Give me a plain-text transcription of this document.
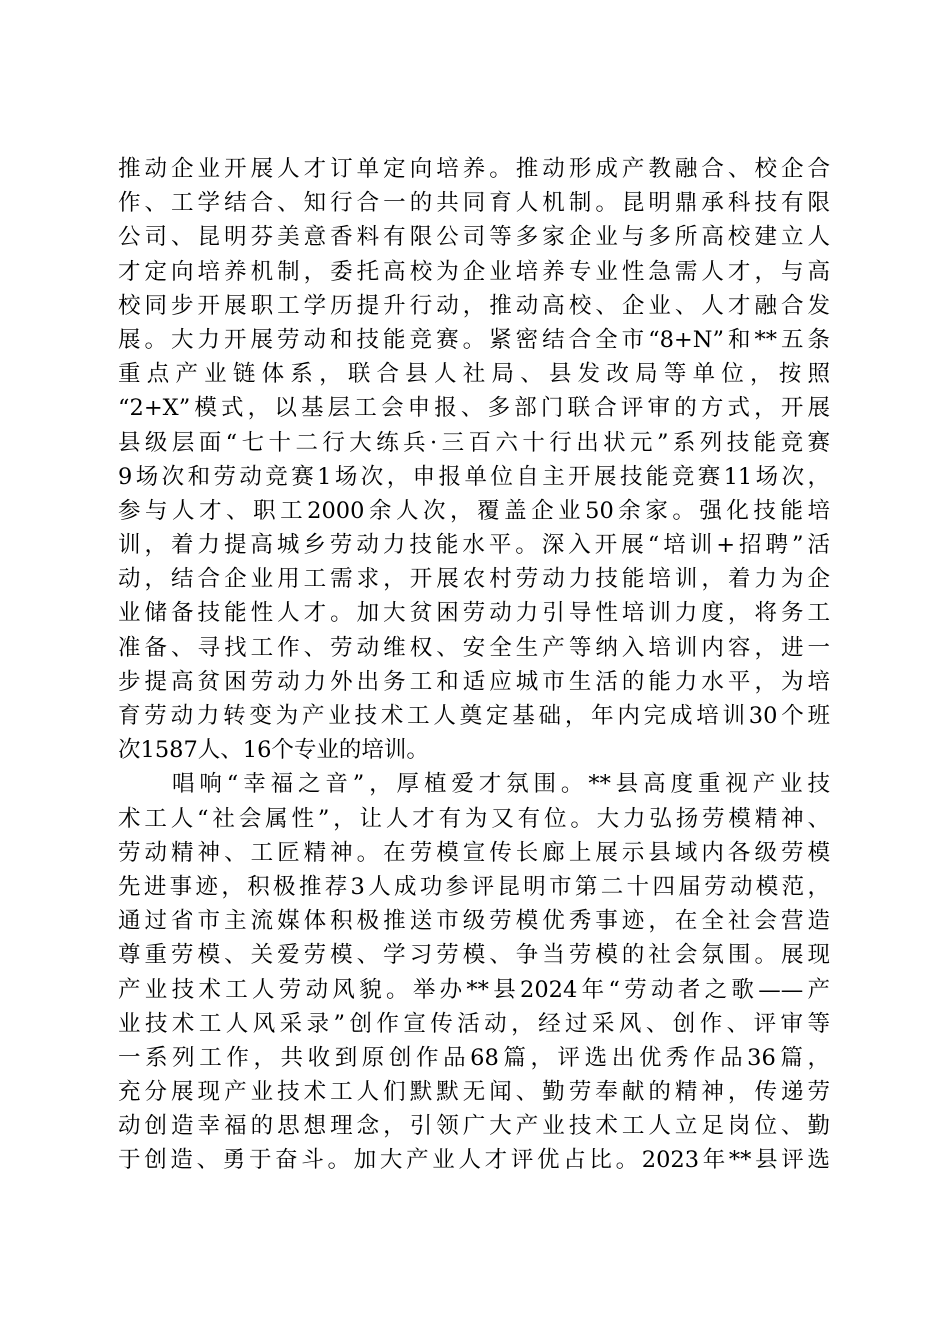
推动企业开展人才订单定向培养。推动形成产教融合、校企合
作、工学结合、知行合一的共同育人机制。昆明鼎承科技有限
公司、昆明芬美意香料有限公司等多家企业与多所高校建立人
才定向培养机制，委托高校为企业培养专业性急需人才，与高
校同步开展职工学历提升行动，推动高校、企业、人才融合发
展。大力开展劳动和技能竞赛。紧密结合全市“8+N”和**五条
重点产业链体系，联合县人社局、县发改局等单位，按照
“2+X”模式，以基层工会申报、多部门联合评审的方式，开展
县级层面“七十二行大练兵·三百六十行出状元”系列技能竞赛
9场次和劳动竞赛1场次，申报单位自主开展技能竞赛11场次，
参与人才、职工2000余人次，覆盖企业50余家。强化技能培
训，着力提高城乡劳动力技能水平。深入开展“培训+招聘”活
动，结合企业用工需求，开展农村劳动力技能培训，着力为企
业储备技能性人才。加大贫困劳动力引导性培训力度，将务工
准备、寻找工作、劳动维权、安全生产等纳入培训内容，进一
步提高贫困劳动力外出务工和适应城市生活的能力水平，为培
育劳动力转变为产业技术工人奠定基础，年内完成培训30个班
次1587人、16个专业的培训。
唱响“幸福之音”，厚植爱才氛围。**县高度重视产业技
术工人“社会属性”，让人才有为又有位。大力弘扬劳模精神、
劳动精神、工匠精神。在劳模宣传长廊上展示县域内各级劳模
先进事迹，积极推荐3人成功参评昆明市第二十四届劳动模范，
通过省市主流媒体积极推送市级劳模优秀事迹，在全社会营造
尊重劳模、关爱劳模、学习劳模、争当劳模的社会氛围。展现
产业技术工人劳动风貌。举办**县2024年“劳动者之歌——产
业技术工人风采录”创作宣传活动，经过采风、创作、评审等
一系列工作，共收到原创作品68篇，评选出优秀作品36篇，
充分展现产业技术工人们默默无闻、勤劳奉献的精神，传递劳
动创造幸福的思想理念，引领广大产业技术工人立足岗位、勤
于创造、勇于奋斗。加大产业人才评优占比。2023年**县评选
